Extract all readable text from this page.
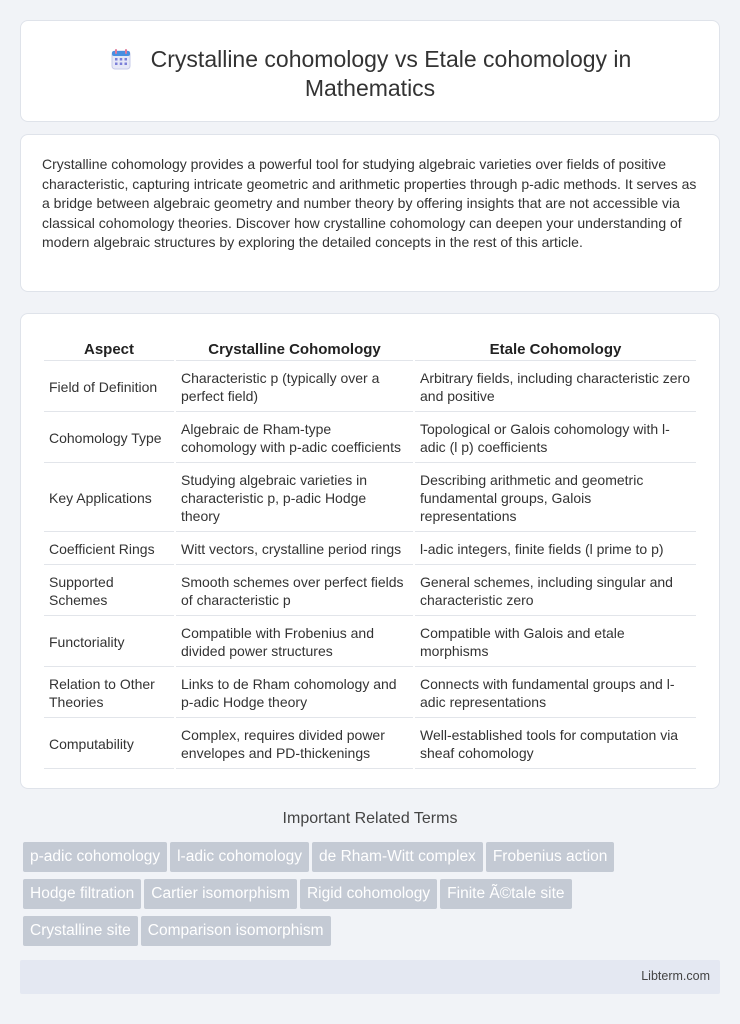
Crystalline cohomology vs Etale cohomology in
Mathematics

Crystalline cohomology provides a powerful tool for studying algebraic varieties over fields of positive characteristic, capturing intricate geometric and arithmetic properties through p-adic methods. It serves as a bridge between algebraic geometry and number theory by offering insights that are not accessible via classical cohomology theories. Discover how crystalline cohomology can deepen your understanding of modern algebraic structures by exploring the detailed concepts in the rest of this article.

Aspect	Crystalline Cohomology	Etale Cohomology
Field of Definition	Characteristic p (typically over a perfect field)	Arbitrary fields, including characteristic zero and positive
Cohomology Type	Algebraic de Rham-type cohomology with p-adic coefficients	Topological or Galois cohomology with l-adic (l p) coefficients
Key Applications	Studying algebraic varieties in characteristic p, p-adic Hodge theory	Describing arithmetic and geometric fundamental groups, Galois representations
Coefficient Rings	Witt vectors, crystalline period rings	l-adic integers, finite fields (l prime to p)
Supported Schemes	Smooth schemes over perfect fields of characteristic p	General schemes, including singular and characteristic zero
Functoriality	Compatible with Frobenius and divided power structures	Compatible with Galois and etale morphisms
Relation to Other Theories	Links to de Rham cohomology and p-adic Hodge theory	Connects with fundamental groups and l-adic representations
Computability	Complex, requires divided power envelopes and PD-thickenings	Well-established tools for computation via sheaf cohomology
Important Related Terms
p-adic cohomology l-adic cohomology de Rham-Witt complex Frobenius action
Hodge filtration Cartier isomorphism Rigid cohomology Finite Ã©tale site
Crystalline site Comparison isomorphism
Libterm.com
